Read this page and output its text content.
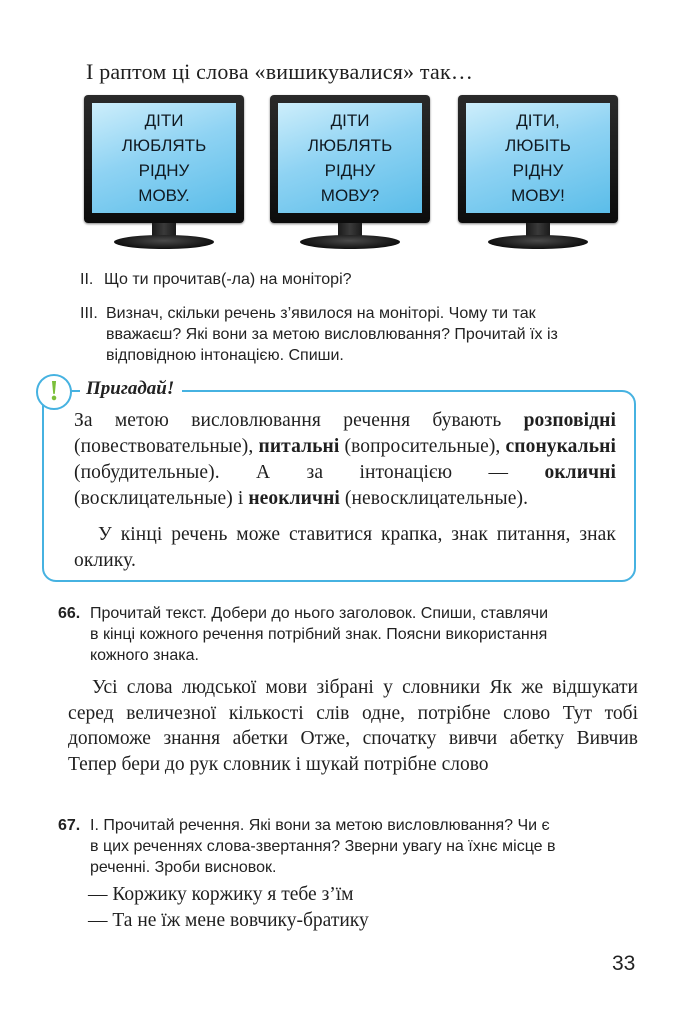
І раптом ці слова «вишикувалися» так…
ДІТИ
ЛЮБЛЯТЬ
РІДНУ
МОВУ.
ДІТИ
ЛЮБЛЯТЬ
РІДНУ
МОВУ?
ДІТИ,
ЛЮБІТЬ
РІДНУ
МОВУ!
II. Що ти прочитав(-ла) на моніторі?
III. Визнач, скільки речень з’явилося на моніторі. Чому ти так
вважаєш? Які вони за метою висловлювання? Прочитай їх із
відповідною інтонацією. Спиши.
!	Пригадай!

За метою висловлювання речення бувають розповідні (повествовательные), питальні (вопросительные), спонукальні (побудительные). А за інтонацією — окличні (восклицательные) і неокличні (невосклицательные).

У кінці речень може ставитися крапка, знак питання, знак оклику.

66. Прочитай текст. Добери до нього заголовок. Спиши, ставлячи
в кінці кожного речення потрібний знак. Поясни використання
кожного знака.
Усі слова людської мови зібрані у словники Як же відшукати серед величезної кількості слів одне, потрібне слово Тут тобі допоможе знання абетки Отже, спочатку вивчи абетку Вивчив Тепер бери до рук словник і шукай потрібне слово
67. І. Прочитай речення. Які вони за метою висловлювання? Чи є
в цих реченнях слова-звертання? Зверни увагу на їхнє місце в
реченні. Зроби висновок.
— Коржику коржику я тебе з’їм
— Та не їж мене вовчику-братику
33
